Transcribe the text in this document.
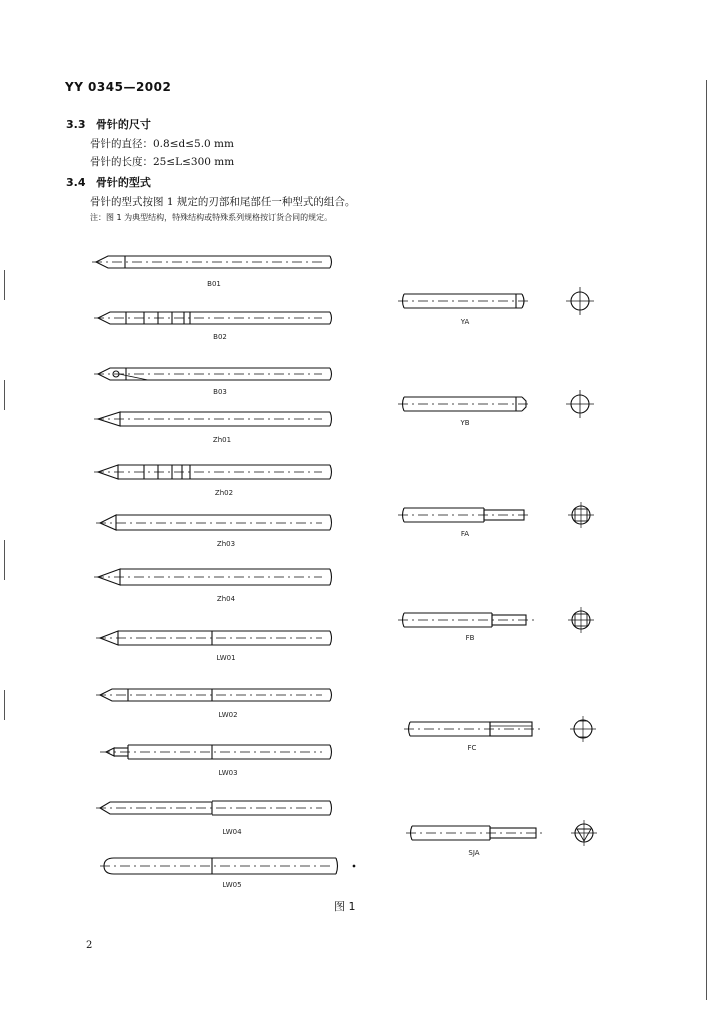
YY 0345—2002
3.3 骨针的尺寸
骨针的直径：0.8≤d≤5.0 mm
骨针的长度：25≤L≤300 mm
3.4 骨针的型式
骨针的型式按图 1 规定的刃部和尾部任一种型式的组合。
注：图 1 为典型结构，特殊结构或特殊系列规格按订货合同的规定。
B01
B02
B03
Zh01
Zh02
Zh03
Zh04
LW01
LW02
LW03
LW04
LW05
YA
YB
FA
FB
FC
SJA
图 1
2
